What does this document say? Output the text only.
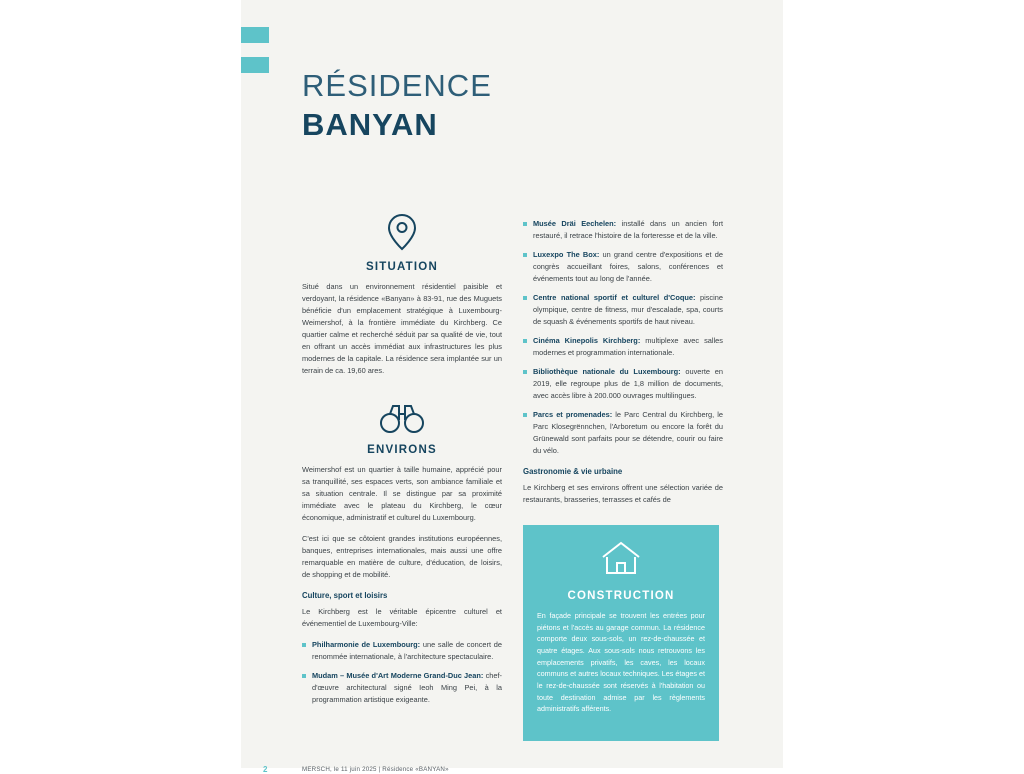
RÉSIDENCE
BANYAN
SITUATION

Situé dans un environnement résidentiel paisible et verdoyant, la résidence «Banyan» à 83-91, rue des Muguets bénéficie d'un emplacement stratégique à Luxembourg-Weimershof, à la frontière immédiate du Kirchberg. Ce quartier calme et recherché séduit par sa qualité de vie, tout en offrant un accès immédiat aux infrastructures les plus modernes de la capitale. La résidence sera implantée sur un terrain de ca. 19,60 ares.

ENVIRONS

Weimershof est un quartier à taille humaine, apprécié pour sa tranquillité, ses espaces verts, son ambiance familiale et sa situation centrale. Il se distingue par sa proximité immédiate avec le plateau du Kirchberg, le cœur économique, administratif et culturel du Luxembourg.

C'est ici que se côtoient grandes institutions européennes, banques, entreprises internationales, mais aussi une offre remarquable en matière de culture, d'éducation, de loisirs, de shopping et de mobilité.

Culture, sport et loisirs

Le Kirchberg est le véritable épicentre culturel et événementiel de Luxembourg-Ville:

Philharmonie de Luxembourg: une salle de concert de renommée internationale, à l'architecture spectaculaire.
Mudam – Musée d'Art Moderne Grand-Duc Jean: chef-d'œuvre architectural signé Ieoh Ming Pei, à la programmation artistique exigeante.
Musée Dräi Eechelen: installé dans un ancien fort restauré, il retrace l'histoire de la forteresse et de la ville.
Luxexpo The Box: un grand centre d'expositions et de congrès accueillant foires, salons, conférences et événements tout au long de l'année.
Centre national sportif et culturel d'Coque: piscine olympique, centre de fitness, mur d'escalade, spa, courts de squash & événements sportifs de haut niveau.
Cinéma Kinepolis Kirchberg: multiplexe avec salles modernes et programmation internationale.
Bibliothèque nationale du Luxembourg: ouverte en 2019, elle regroupe plus de 1,8 million de documents, avec accès libre à 200.000 ouvrages multilingues.
Parcs et promenades: le Parc Central du Kirchberg, le Parc Klosegrënnchen, l'Arboretum ou encore la forêt du Grünewald sont parfaits pour se détendre, courir ou faire du vélo.
Gastronomie & vie urbaine

Le Kirchberg et ses environs offrent une sélection variée de restaurants, brasseries, terrasses et cafés de

CONSTRUCTION

En façade principale se trouvent les entrées pour piétons et l'accès au garage commun. La résidence comporte deux sous-sols, un rez-de-chaussée et quatre étages. Aux sous-sols nous retrouvons les emplacements privatifs, les caves, les locaux communs et autres locaux techniques. Les étages et le rez-de-chaussée sont réservés à l'habitation ou toute destination admise par les règlements administratifs afférents.

2	MERSCH, le 11 juin 2025 | Résidence «BANYAN»
